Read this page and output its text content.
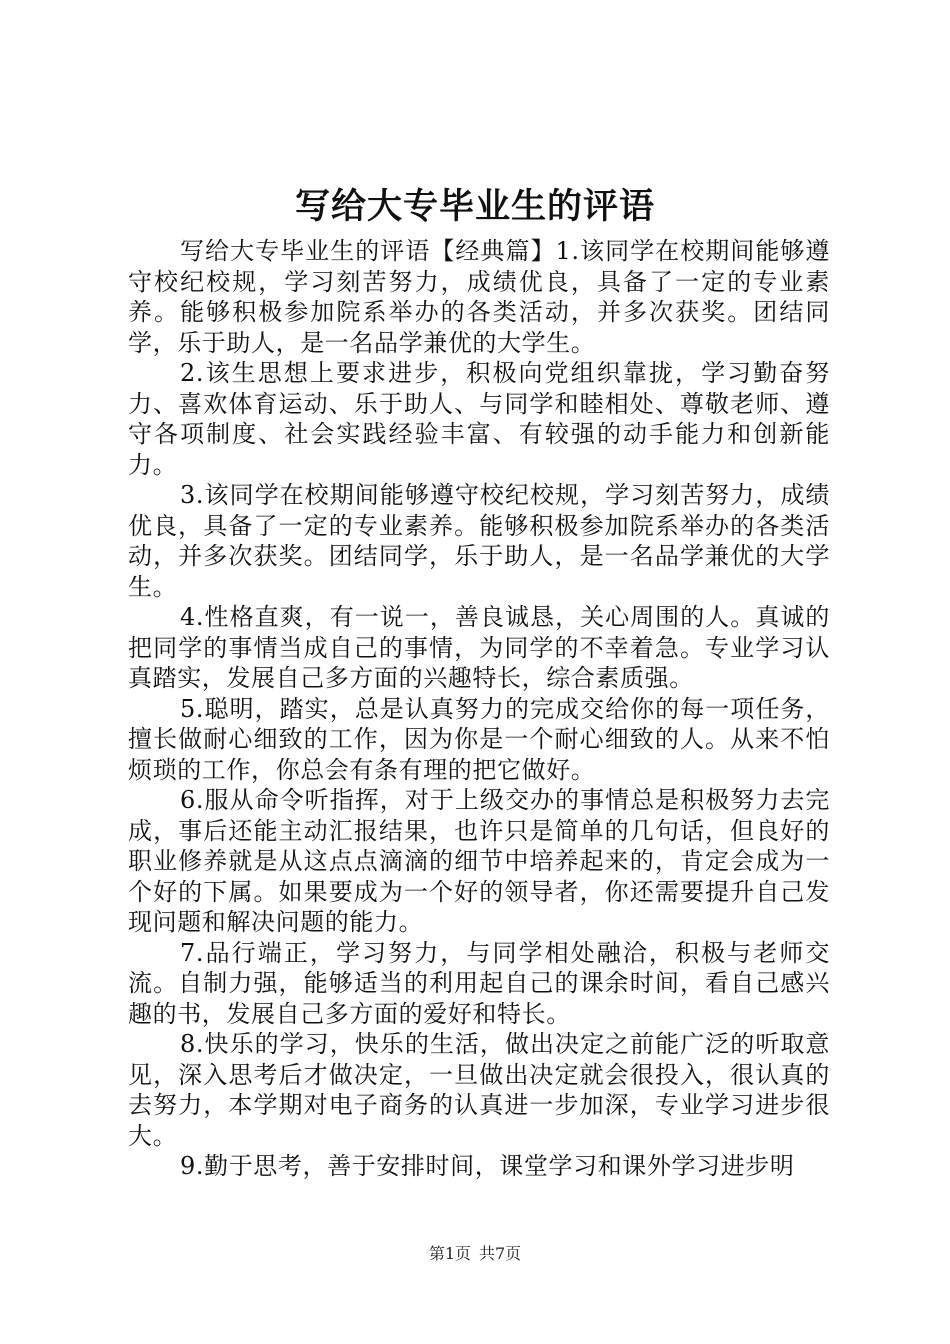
写给大专毕业生的评语

写给大专毕业生的评语【经典篇】1.该同学在校期间能够遵守校纪校规，学习刻苦努力，成绩优良，具备了一定的专业素养。能够积极参加院系举办的各类活动，并多次获奖。团结同学，乐于助人，是一名品学兼优的大学生。

2.该生思想上要求进步，积极向党组织靠拢，学习勤奋努力、喜欢体育运动、乐于助人、与同学和睦相处、尊敬老师、遵守各项制度、社会实践经验丰富、有较强的动手能力和创新能力。

3.该同学在校期间能够遵守校纪校规，学习刻苦努力，成绩优良，具备了一定的专业素养。能够积极参加院系举办的各类活动，并多次获奖。团结同学，乐于助人，是一名品学兼优的大学生。

4.性格直爽，有一说一，善良诚恳，关心周围的人。真诚的把同学的事情当成自己的事情，为同学的不幸着急。专业学习认真踏实，发展自己多方面的兴趣特长，综合素质强。

5.聪明，踏实，总是认真努力的完成交给你的每一项任务，擅长做耐心细致的工作，因为你是一个耐心细致的人。从来不怕烦琐的工作，你总会有条有理的把它做好。

6.服从命令听指挥，对于上级交办的事情总是积极努力去完成，事后还能主动汇报结果，也许只是简单的几句话，但良好的职业修养就是从这点点滴滴的细节中培养起来的，肯定会成为一个好的下属。如果要成为一个好的领导者，你还需要提升自己发现问题和解决问题的能力。

7.品行端正，学习努力，与同学相处融洽，积极与老师交流。自制力强，能够适当的利用起自己的课余时间，看自己感兴趣的书，发展自己多方面的爱好和特长。

8.快乐的学习，快乐的生活，做出决定之前能广泛的听取意见，深入思考后才做决定，一旦做出决定就会很投入，很认真的去努力，本学期对电子商务的认真进一步加深，专业学习进步很大。

9.勤于思考，善于安排时间，课堂学习和课外学习进步明

第1页 共7页
